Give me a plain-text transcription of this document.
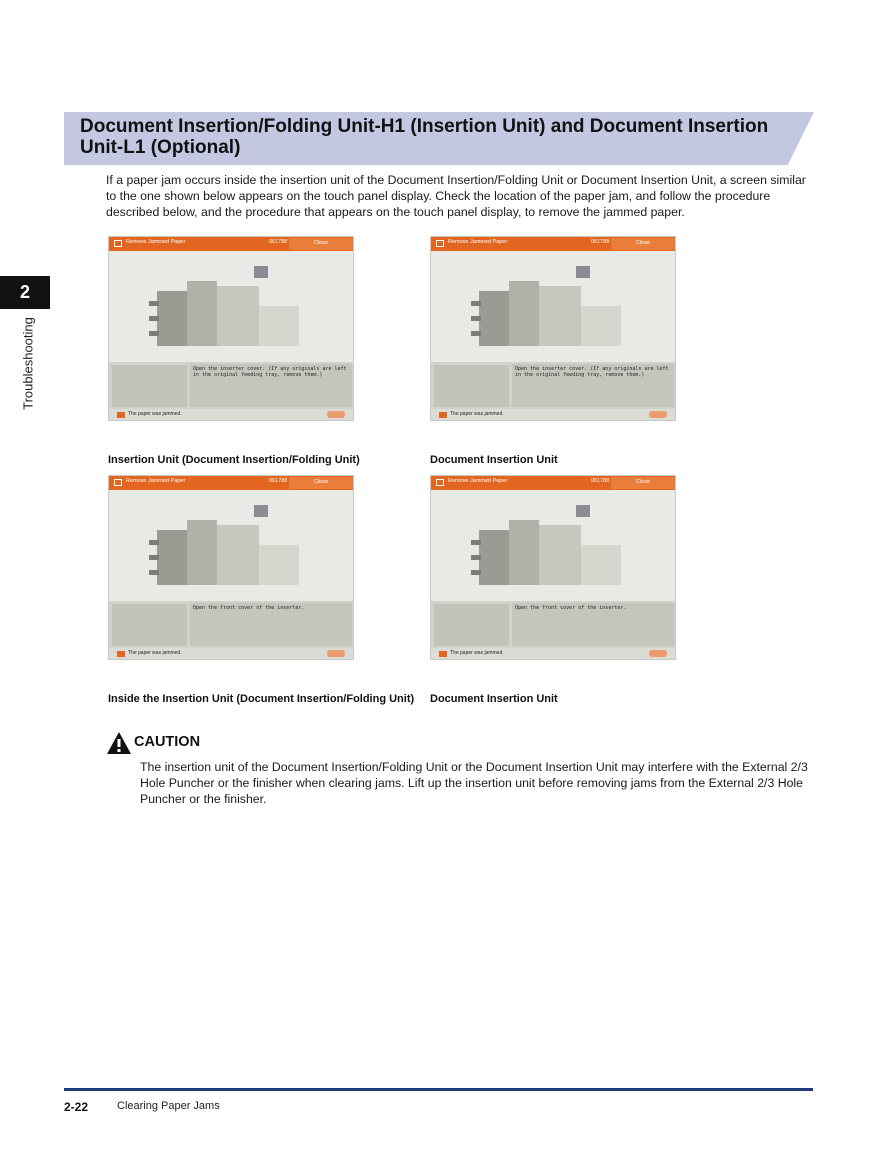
Document Insertion/Folding Unit-H1 (Insertion Unit) and Document Insertion Unit-L1 (Optional)

If a paper jam occurs inside the insertion unit of the Document Insertion/Folding Unit or Document Insertion Unit, a screen similar to the one shown below appears on the touch panel display. Check the location of the paper jam, and follow the procedure described below, and the procedure that appears on the touch panel display, to remove the jammed paper.

2
Troubleshooting
Remove Jammed Paper	061788	Close
Open the inserter cover. (If any originals are left in the original feeding tray, remove them.)
The paper was jammed.

Insertion Unit (Document Insertion/Folding Unit)

Remove Jammed Paper	061788	Close
Open the inserter cover. (If any originals are left in the original feeding tray, remove them.)
The paper was jammed.

Document Insertion Unit

Remove Jammed Paper	061788	Close
Open the front cover of the inserter.
The paper was jammed.

Inside the Insertion Unit (Document Insertion/Folding Unit)

Remove Jammed Paper	061788	Close
Open the front cover of the inserter.
The paper was jammed.

Document Insertion Unit

CAUTION

The insertion unit of the Document Insertion/Folding Unit or the Document Insertion Unit may interfere with the External 2/3 Hole Puncher or the finisher when clearing jams. Lift up the insertion unit before removing jams from the External 2/3 Hole Puncher or the finisher.

2-22	Clearing Paper Jams
